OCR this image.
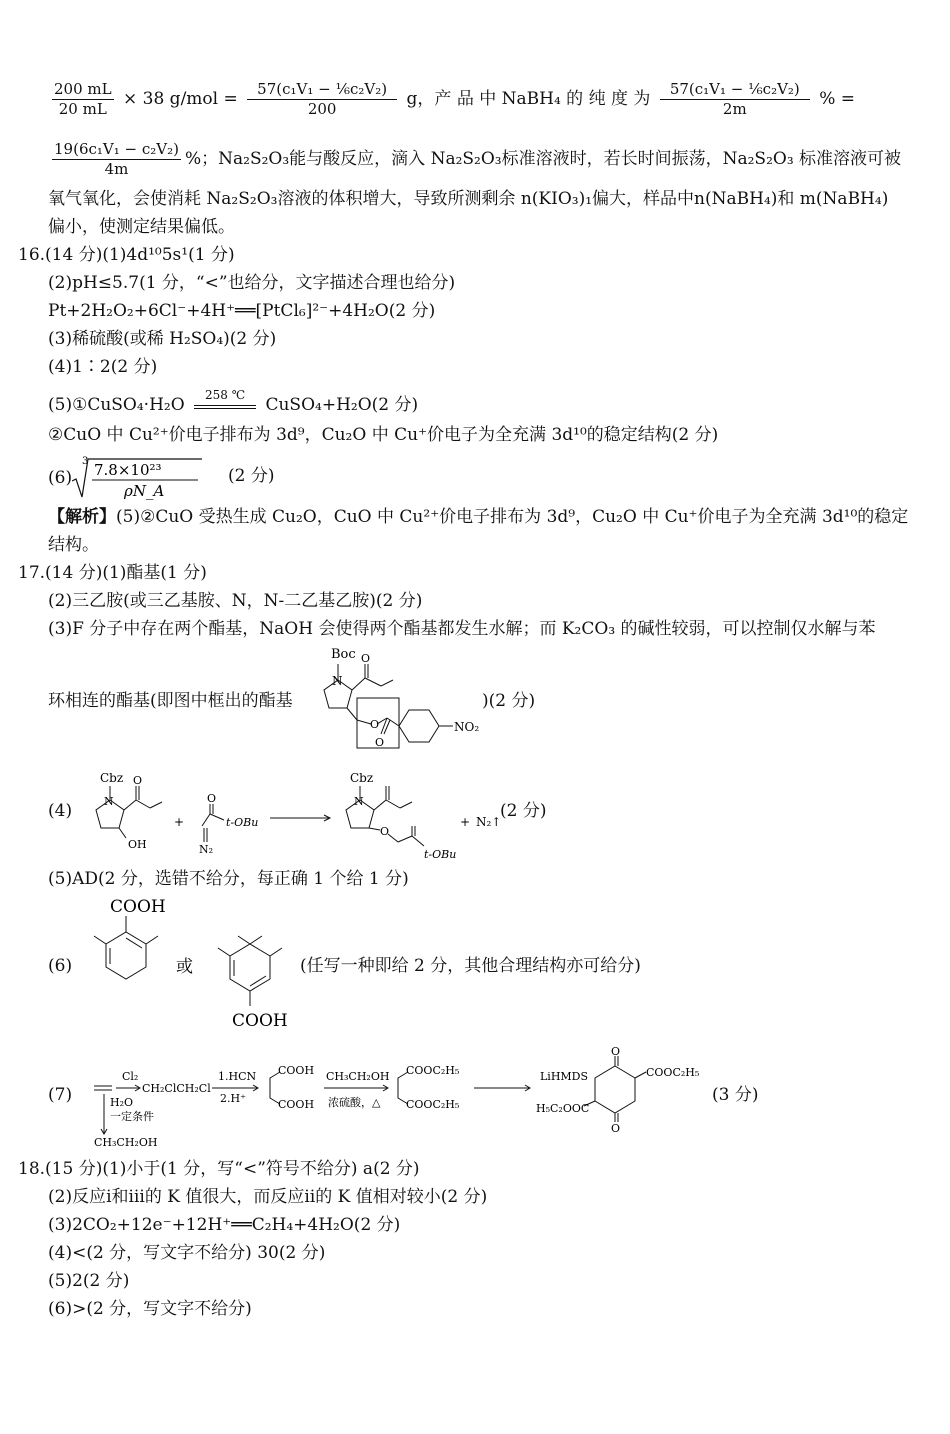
$\frac{200 mL}{20 mL} \times 38$ $g/mol = \frac{\text{57(c₁V₁ − ⅙c₂V₂)}}{200}$ g，产 品 中 NaBH₄ 的 纯 度 为 $\frac{\text{57(c₁V₁ − ⅙c₂V₂)}}{2m}$ % =
$\frac{\text{19(6c₁V₁ − c₂V₂)}}{4m}$ %；Na₂S₂O₃能与酸反应，滴入 Na₂S₂O₃标准溶液时，若长时间振荡，Na₂S₂O₃ 标准溶液可被
氧气氧化，会使消耗 Na₂S₂O₃溶液的体积增大，导致所测剩余 n(KIO₃)₁偏大，样品中n(NaBH₄)和 m(NaBH₄)
偏小，使测定结果偏低。
16.(14 分)(1)4d¹⁰5s¹(1 分)
(2)pH≤5.7(1 分，“<”也给分，文字描述合理也给分)
Pt+2H₂O₂+6Cl⁻+4H⁺══[PtCl₆]²⁻+4H₂O(2 分)
(3)稀硫酸(或稀 H₂SO₄)(2 分)
(4)1∶2(2 分)
(5)①CuSO₄·H₂O
258 ℃
CuSO₄+H₂O(2 分)
②CuO 中 Cu²⁺价电子排布为 3d⁹，Cu₂O 中 Cu⁺价电子为全充满 3d¹⁰的稳定结构(2 分)
(6)
3 7.8×10²³
ρN_A
(2 分)
【解析】(5)②CuO 受热生成 Cu₂O，CuO 中 Cu²⁺价电子排布为 3d⁹，Cu₂O 中 Cu⁺价电子为全充满 3d¹⁰的稳定
结构。
17.(14 分)(1)酯基(1 分)
(2)三乙胺(或三乙基胺、N，N-二乙基乙胺)(2 分)
(3)F 分子中存在两个酯基，NaOH 会使得两个酯基都发生水解；而 K₂CO₃ 的碱性较弱，可以控制仅水解与苯
环相连的酯基(即图中框出的酯基	)(2 分)
Boc
N
O
O
O
NO₂
(4)
Cbz
N
OH
O
+	t-OBu
N₂
O
Cbz
N
O
t-OBu
+ N₂↑
(2 分)
(5)AD(2 分，选错不给分，每正确 1 个给 1 分)
(6)
COOH
或
COOH
(任写一种即给 2 分，其他合理结构亦可给分)
(7)
Cl₂
CH₂ClCH₂Cl
1.HCN
2.H⁺
COOH
COOH
CH₃CH₂OH
浓硫酸，△
COOC₂H₅
COOC₂H₅
LiHMDS
O
O
COOC₂H₅
H₅C₂OOC
H₂O
一定条件
CH₃CH₂OH
(3 分)
18.(15 分)(1)小于(1 分，写“<”符号不给分) a(2 分)
(2)反应ⅰ和ⅲ的 K 值很大，而反应ⅱ的 K 值相对较小(2 分)
(3)2CO₂+12e⁻+12H⁺══C₂H₄+4H₂O(2 分)
(4)<(2 分，写文字不给分) 30(2 分)
(5)2(2 分)
(6)>(2 分，写文字不给分)
